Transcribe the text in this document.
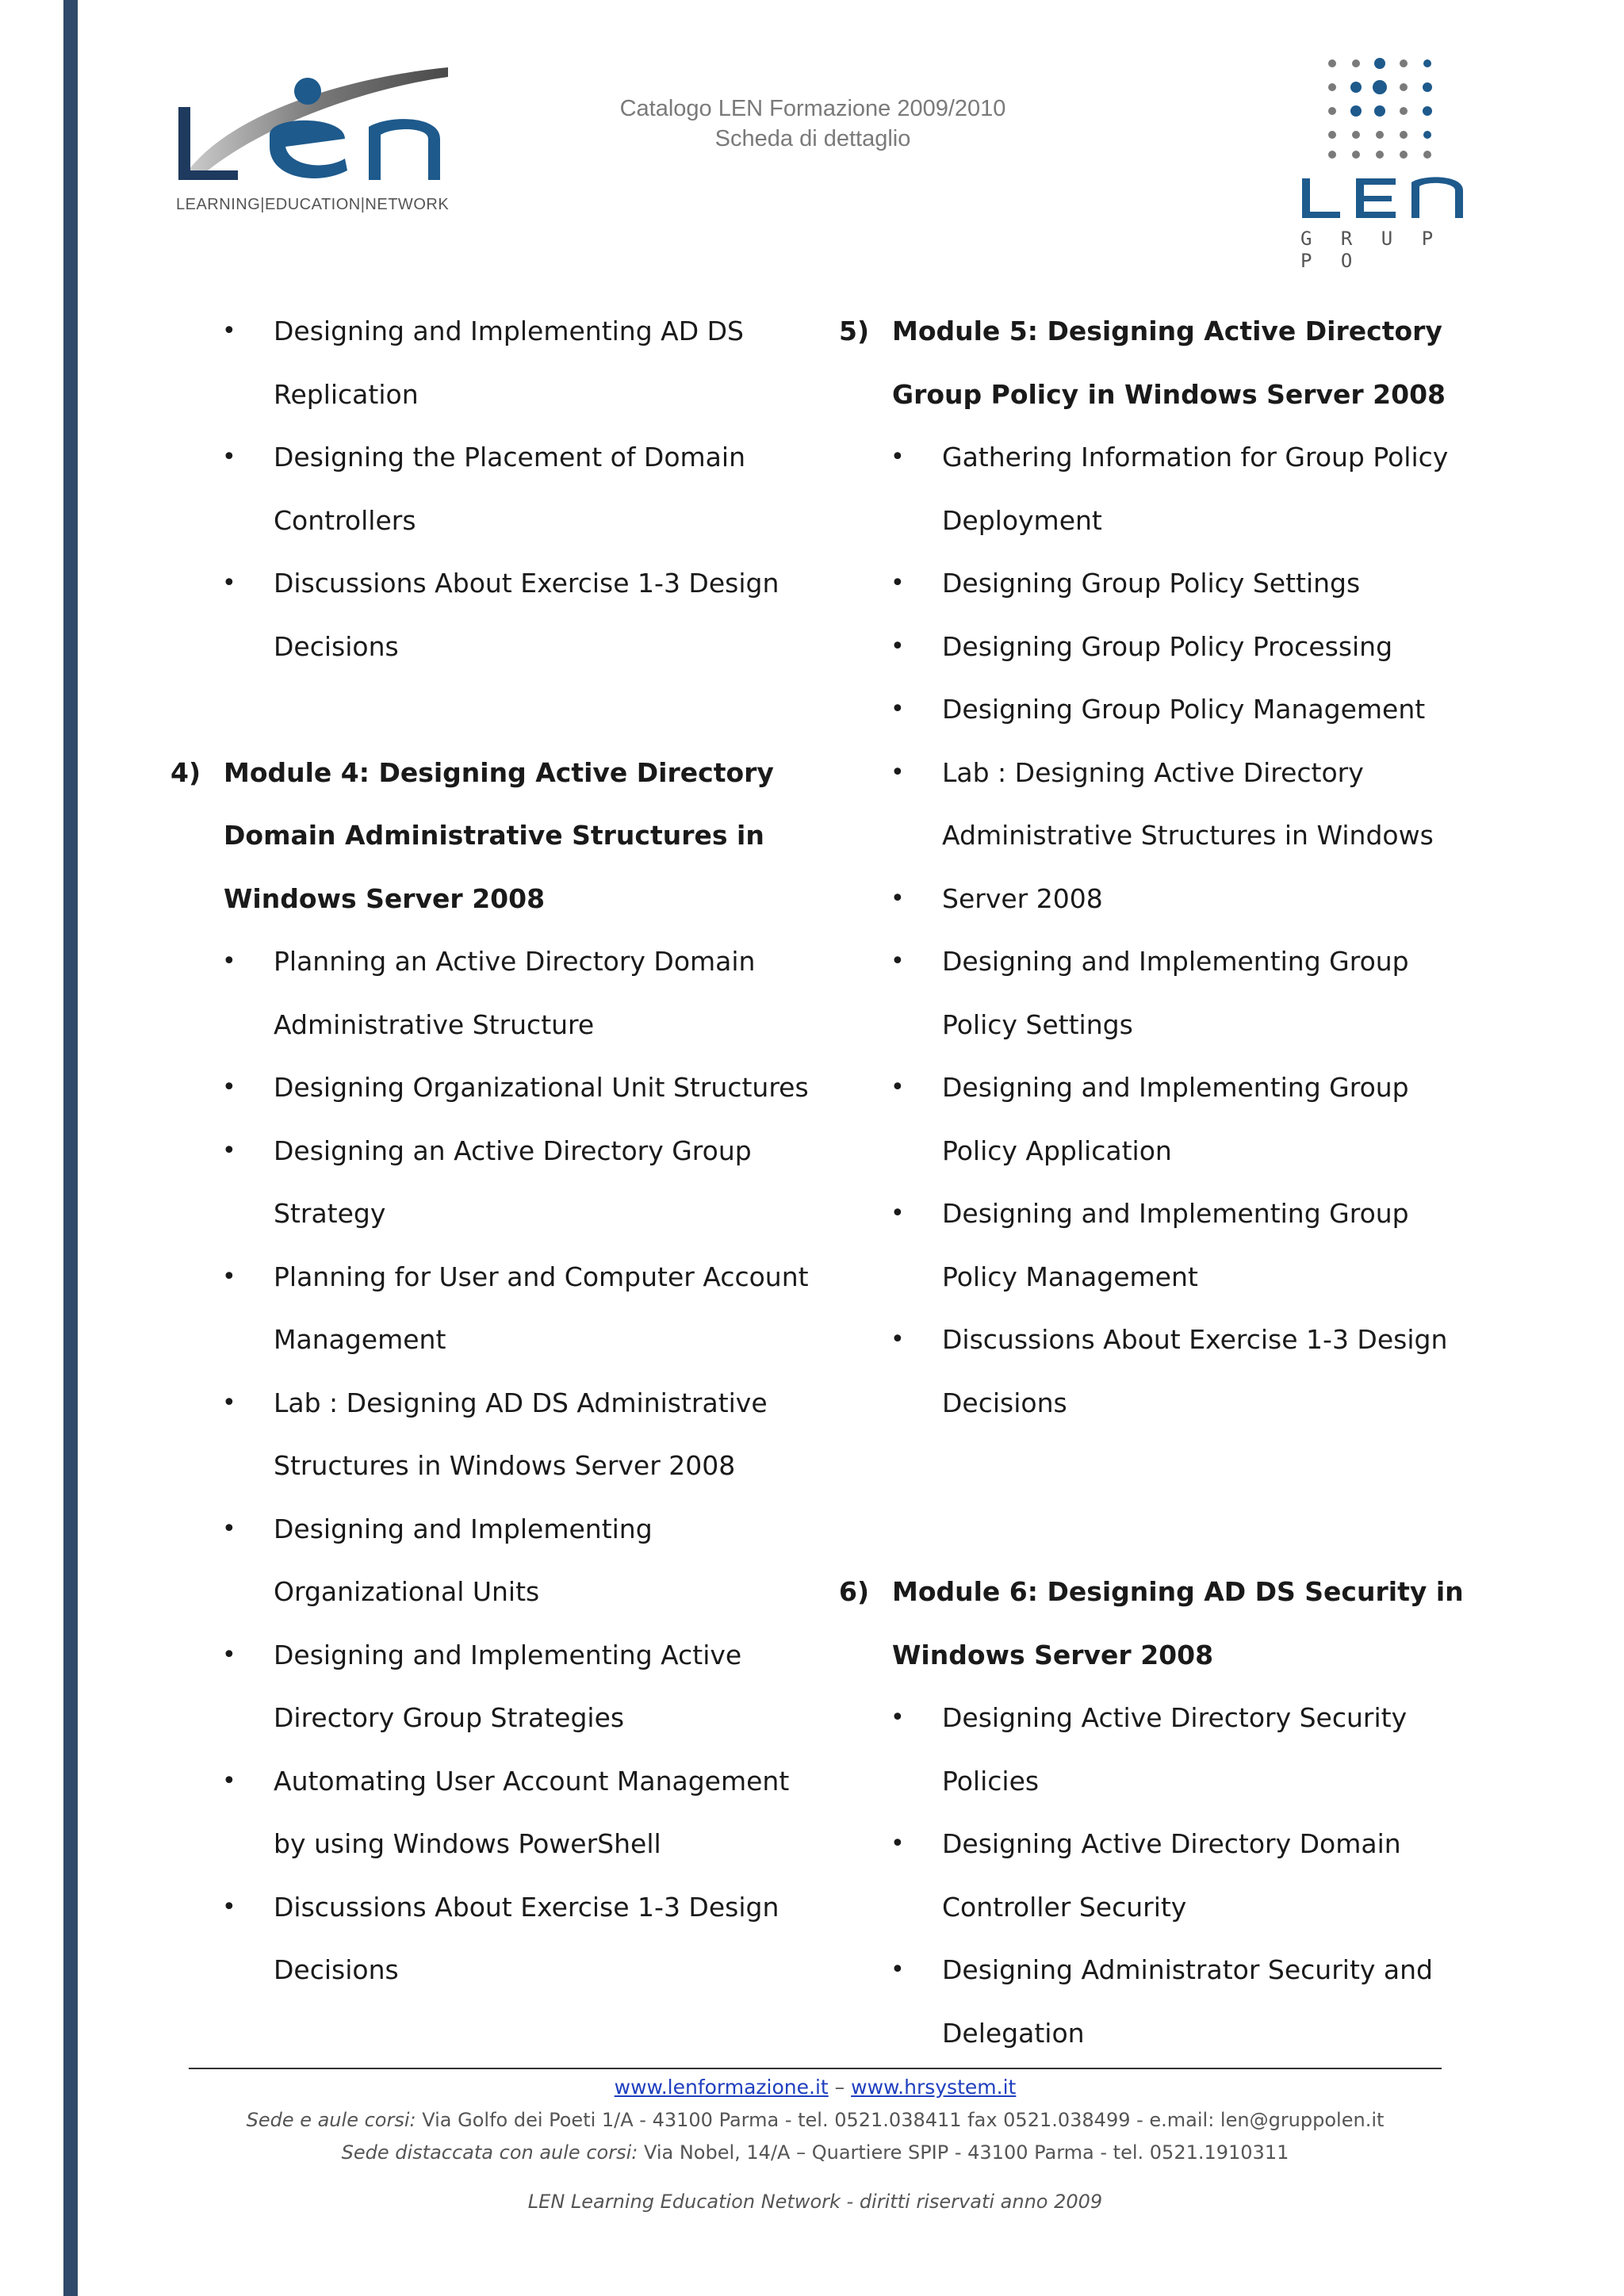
LEARNING|EDUCATION|NETWORK
Catalogo LEN Formazione 2009/2010
Scheda di dettaglio
G R U P P O
• Designing and Implementing AD DS
Replication
• Designing the Placement of Domain
Controllers
• Discussions About Exercise 1-3 Design
Decisions
4) Module 4: Designing Active Directory
Domain Administrative Structures in
Windows Server 2008
• Planning an Active Directory Domain
Administrative Structure
• Designing Organizational Unit Structures
• Designing an Active Directory Group
Strategy
• Planning for User and Computer Account
Management
• Lab : Designing AD DS Administrative
Structures in Windows Server 2008
• Designing and Implementing
Organizational Units
• Designing and Implementing Active
Directory Group Strategies
• Automating User Account Management
by using Windows PowerShell
• Discussions About Exercise 1-3 Design
Decisions
5) Module 5: Designing Active Directory
Group Policy in Windows Server 2008
• Gathering Information for Group Policy
Deployment
• Designing Group Policy Settings
• Designing Group Policy Processing
• Designing Group Policy Management
• Lab : Designing Active Directory
Administrative Structures in Windows
• Server 2008
• Designing and Implementing Group
Policy Settings
• Designing and Implementing Group
Policy Application
• Designing and Implementing Group
Policy Management
• Discussions About Exercise 1-3 Design
Decisions
6) Module 6: Designing AD DS Security in
Windows Server 2008
• Designing Active Directory Security
Policies
• Designing Active Directory Domain
Controller Security
• Designing Administrator Security and
Delegation
www.lenformazione.it – www.hrsystem.it
Sede e aule corsi: Via Golfo dei Poeti 1/A - 43100 Parma - tel. 0521.038411 fax 0521.038499 - e.mail: len@gruppolen.it
Sede distaccata con aule corsi: Via Nobel, 14/A – Quartiere SPIP - 43100 Parma - tel. 0521.1910311
LEN Learning Education Network - diritti riservati anno 2009
